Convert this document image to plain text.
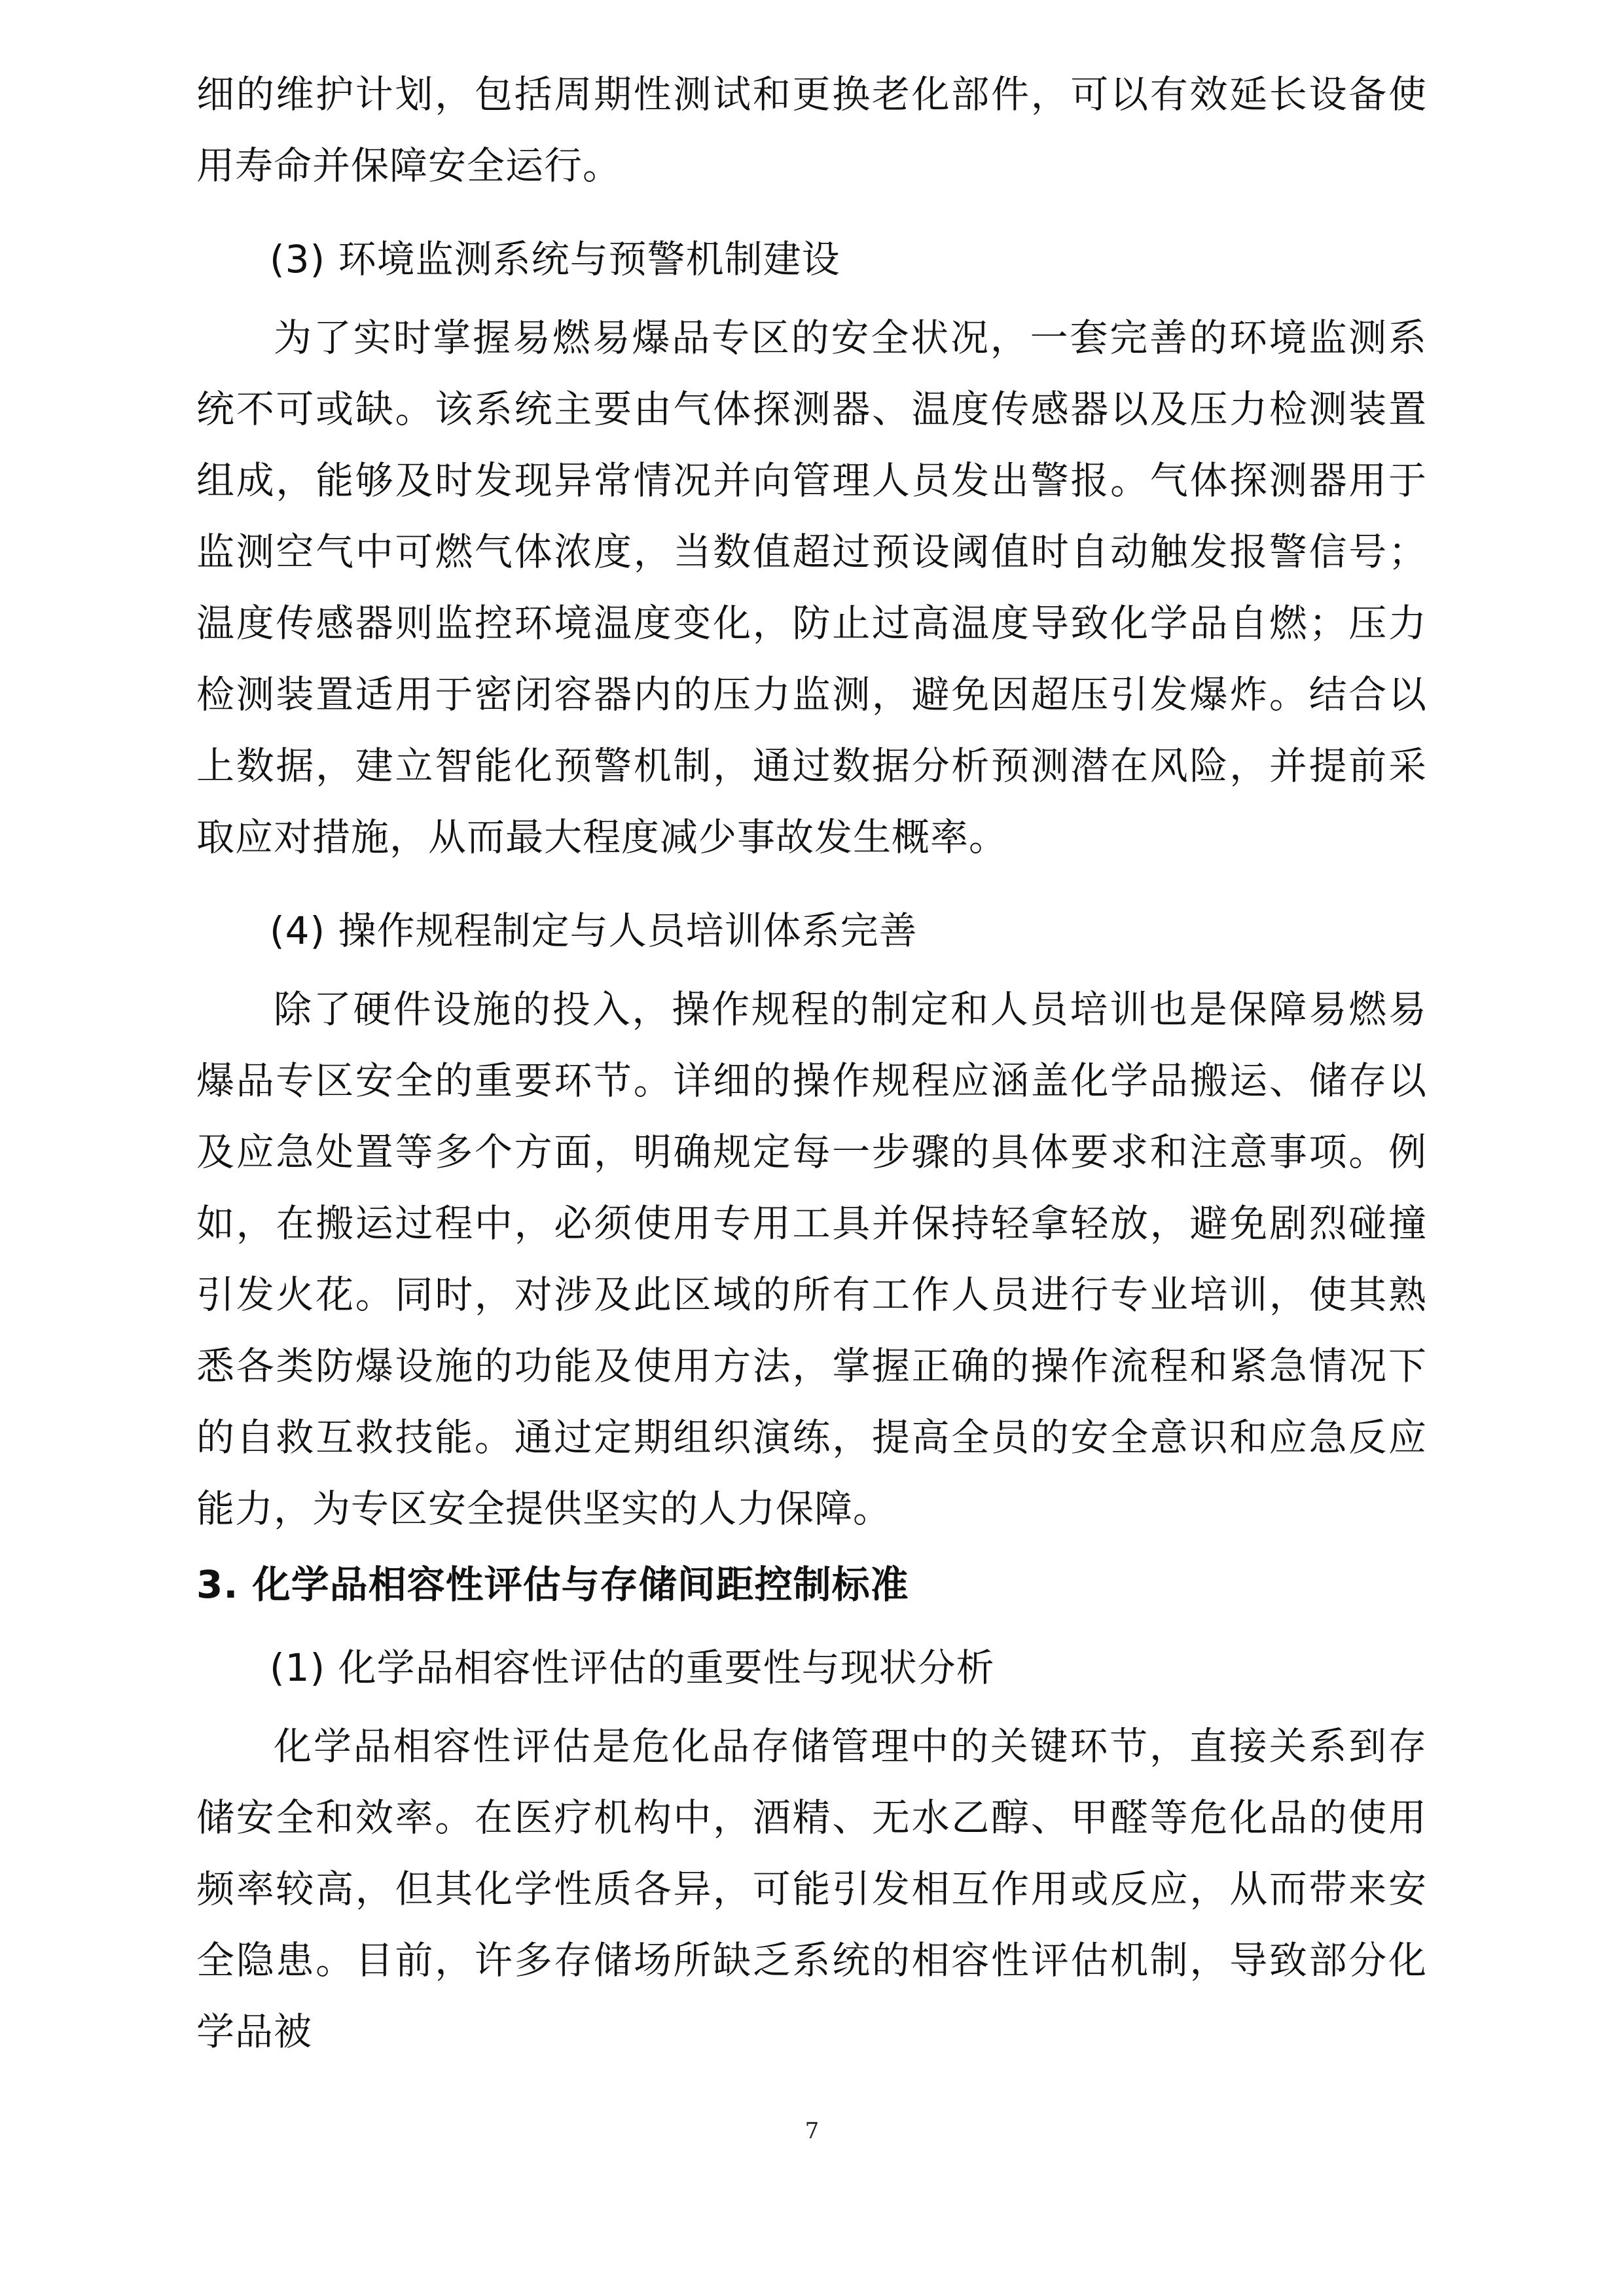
细的维护计划，包括周期性测试和更换老化部件，可以有效延长设备使用寿命并保障安全运行。

(3) 环境监测系统与预警机制建设

为了实时掌握易燃易爆品专区的安全状况，一套完善的环境监测系统不可或缺。该系统主要由气体探测器、温度传感器以及压力检测装置组成，能够及时发现异常情况并向管理人员发出警报。气体探测器用于监测空气中可燃气体浓度，当数值超过预设阈值时自动触发报警信号；温度传感器则监控环境温度变化，防止过高温度导致化学品自燃；压力检测装置适用于密闭容器内的压力监测，避免因超压引发爆炸。结合以上数据，建立智能化预警机制，通过数据分析预测潜在风险，并提前采取应对措施，从而最大程度减少事故发生概率。

(4) 操作规程制定与人员培训体系完善

除了硬件设施的投入，操作规程的制定和人员培训也是保障易燃易爆品专区安全的重要环节。详细的操作规程应涵盖化学品搬运、储存以及应急处置等多个方面，明确规定每一步骤的具体要求和注意事项。例如，在搬运过程中，必须使用专用工具并保持轻拿轻放，避免剧烈碰撞引发火花。同时，对涉及此区域的所有工作人员进行专业培训，使其熟悉各类防爆设施的功能及使用方法，掌握正确的操作流程和紧急情况下的自救互救技能。通过定期组织演练，提高全员的安全意识和应急反应能力，为专区安全提供坚实的人力保障。

3. 化学品相容性评估与存储间距控制标准

(1) 化学品相容性评估的重要性与现状分析

化学品相容性评估是危化品存储管理中的关键环节，直接关系到存储安全和效率。在医疗机构中，酒精、无水乙醇、甲醛等危化品的使用频率较高，但其化学性质各异，可能引发相互作用或反应，从而带来安全隐患。目前，许多存储场所缺乏系统的相容性评估机制，导致部分化学品被

7
